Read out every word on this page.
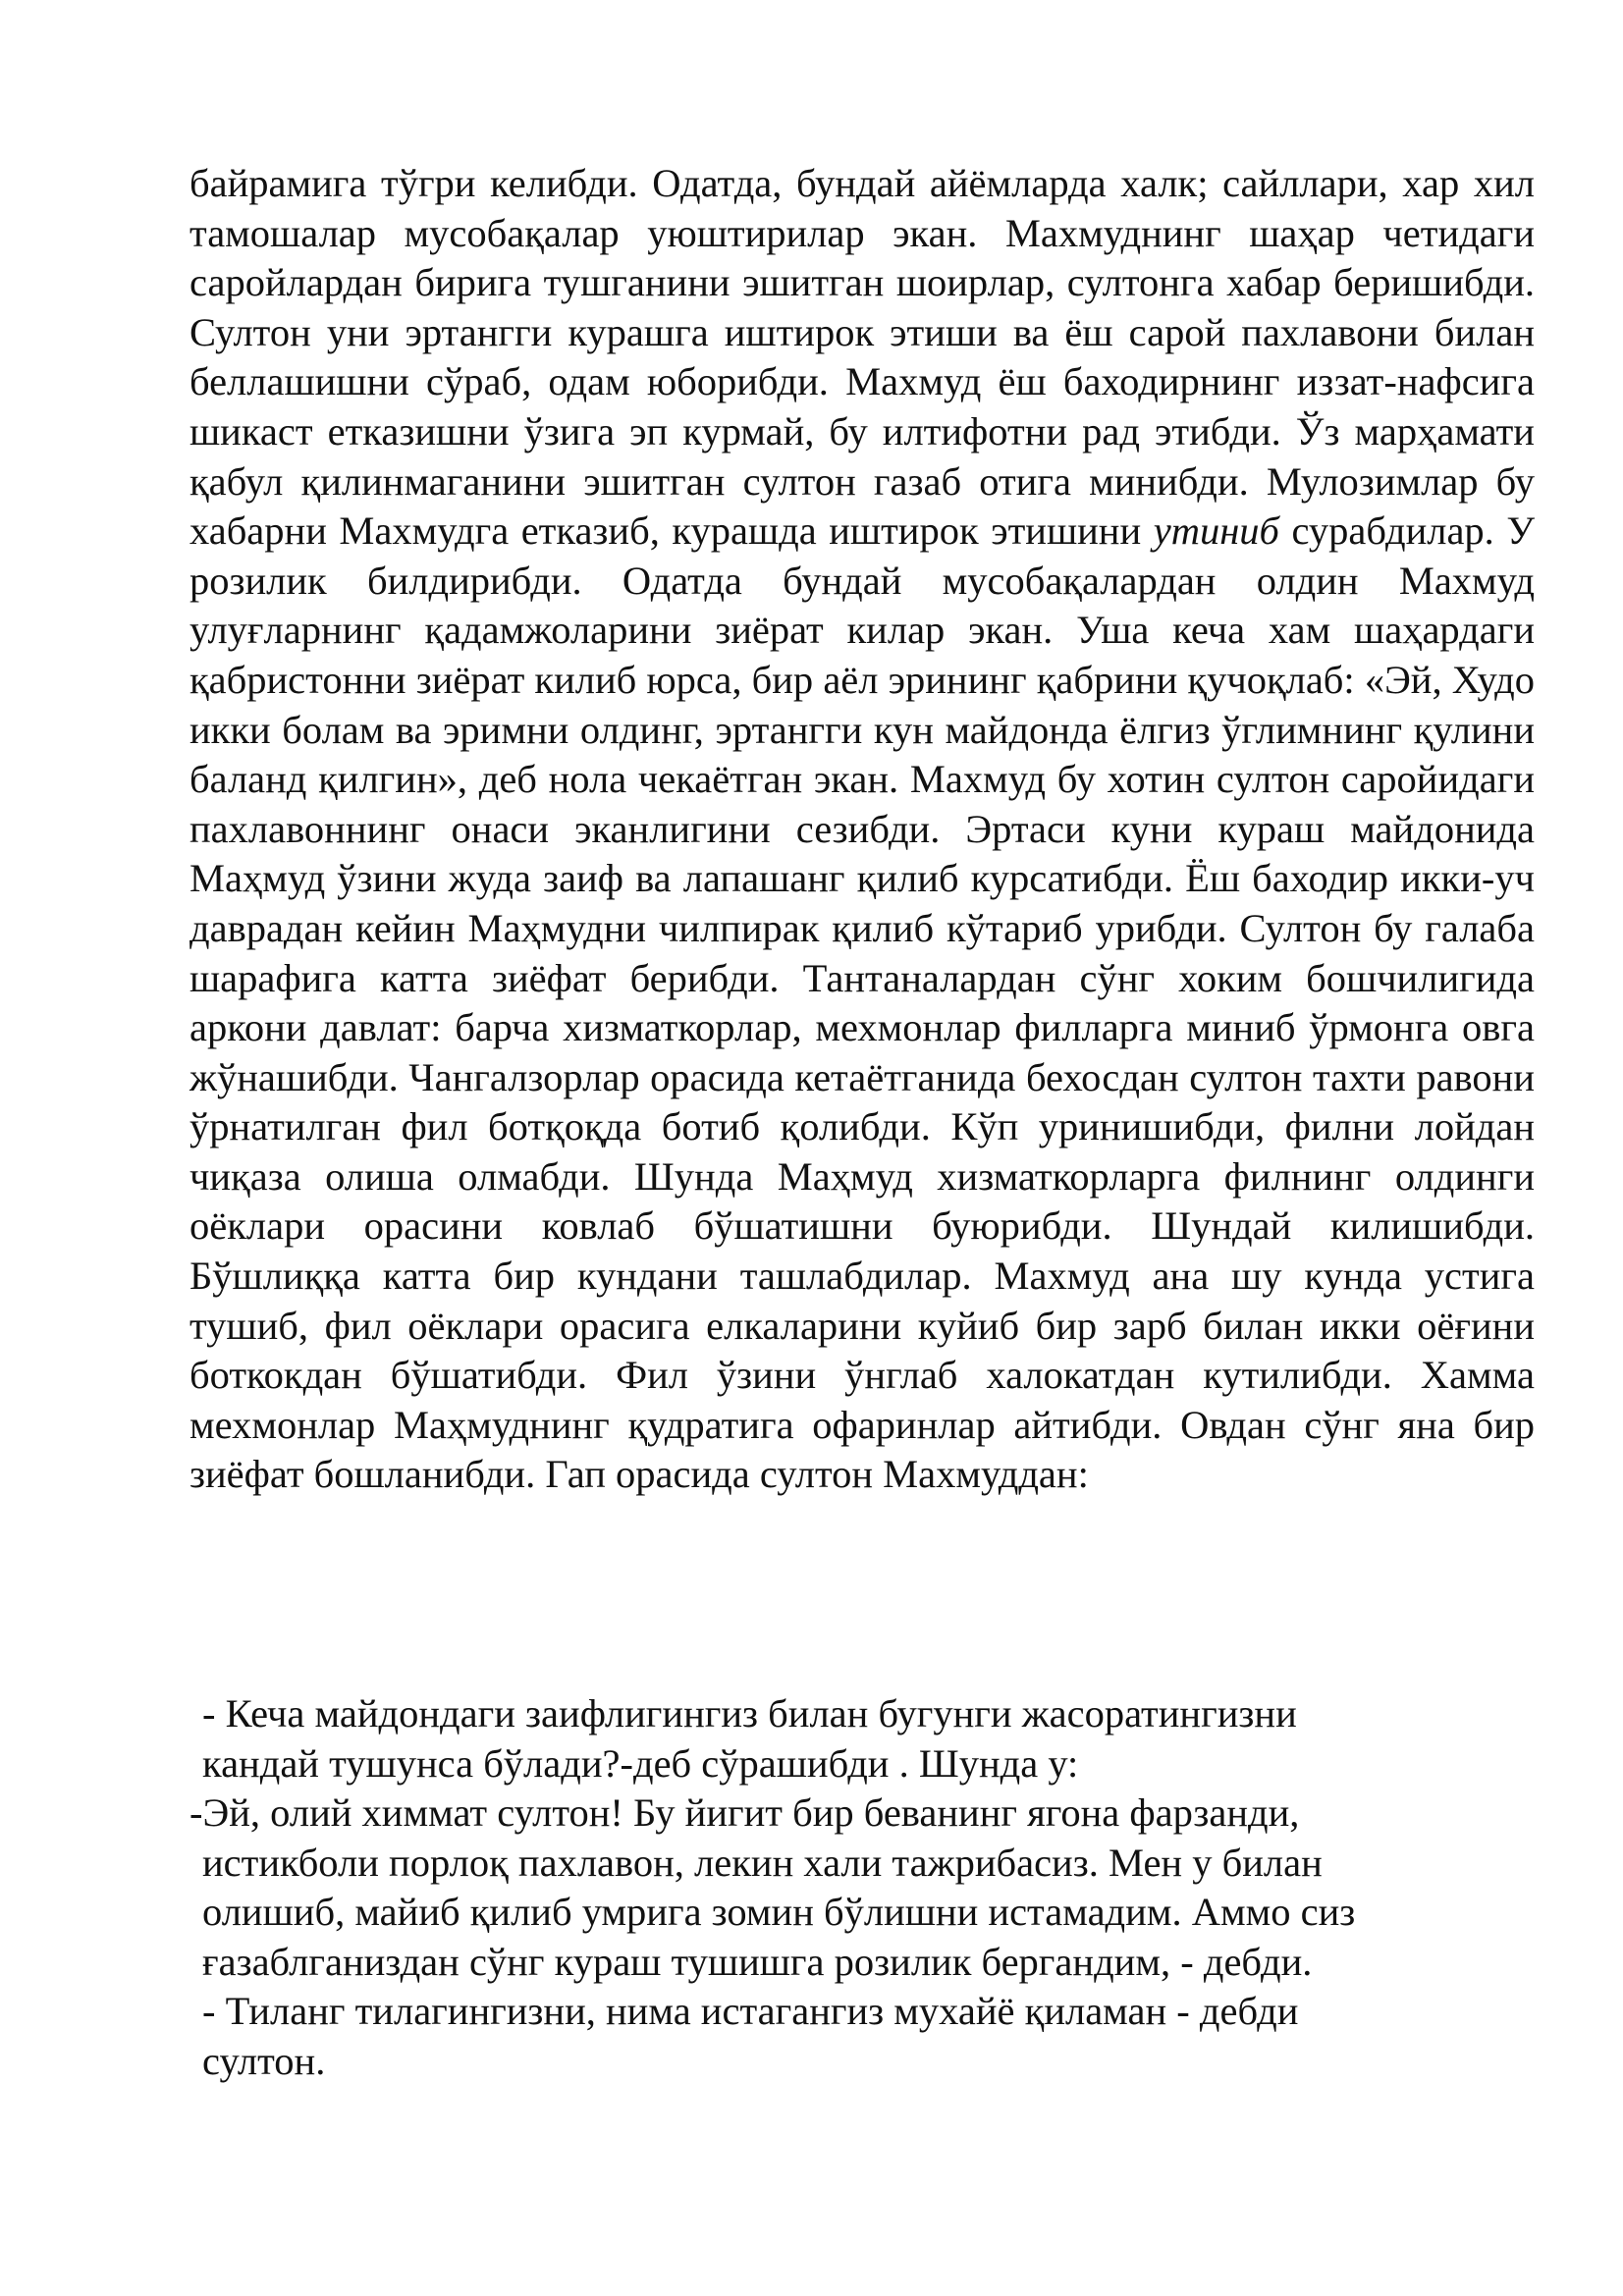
байрамига тўгри келибди. Одатда, бундай айёмларда халк; сайллари, хар хил тамошалар мусобақалар уюштирилар экан. Махмуднинг шаҳар четидаги саройлардан бирига тушганини эшитган шоирлар, султонга хабар беришибди. Султон уни эртангги курашга иштирок этиши ва ёш сарой пахлавони билан беллашишни сўраб, одам юборибди. Махмуд ёш баходирнинг иззат-нафсига шикаст етказишни ўзига эп курмай, бу илтифотни рад этибди. Ўз марҳамати қабул қилинмаганини эшитган султон газаб отига минибди. Мулозимлар бу хабарни Махмудга етказиб, курашда иштирок этишини утиниб сурабдилар. У розилик билдирибди. Одатда бундай мусобақалардан олдин Махмуд улуғларнинг қадамжоларини зиёрат килар экан. Уша кеча хам шаҳардаги қабристонни зиёрат килиб юрса, бир аёл эрининг қабрини қучоқлаб: «Эй, Худо икки болам ва эримни олдинг, эртангги кун майдонда ёлгиз ўглимнинг қулини баланд қилгин», деб нола чекаётган экан. Махмуд бу хотин султон саройидаги пахлавоннинг онаси эканлигини сезибди. Эртаси куни кураш майдонида Маҳмуд ўзини жуда заиф ва лапашанг қилиб курсатибди. Ёш баходир икки-уч даврадан кейин Маҳмудни чилпирак қилиб кўтариб урибди. Султон бу галаба шарафига катта зиёфат берибди. Тантаналардан сўнг хоким бошчилигида аркони давлат: барча хизматкорлар, мехмонлар филларга миниб ўрмонга овга жўнашибди. Чангалзорлар орасида кетаётганида бехосдан султон тахти равони ўрнатилган фил ботқоқда ботиб қолибди. Кўп уринишибди, филни лойдан чиқаза олиша олмабди. Шунда Маҳмуд хизматкорларга филнинг олдинги оёклари орасини ковлаб бўшатишни буюрибди. Шундай килишибди. Бўшлиққа катта бир кундани ташлабдилар. Махмуд ана шу кунда устига тушиб, фил оёклари орасига елкаларини куйиб бир зарб билан икки оёғини боткокдан бўшатибди. Фил ўзини ўнглаб халокатдан кутилибди. Хамма мехмонлар Маҳмуднинг қудратига офаринлар айтибди. Овдан сўнг яна бир зиёфат бошланибди. Гап орасида султон Махмуддан:

- Кеча майдондаги заифлигингиз билан бугунги жасоратингизни
кандай тушунса бўлади?-деб сўрашибди . Шунда у:
-Эй, олий химмат султон! Бу йигит бир беванинг ягона фарзанди,
истикболи порлоқ пахлавон, лекин хали тажрибасиз. Мен у билан
олишиб, майиб қилиб умрига зомин бўлишни истамадим. Аммо сиз
ғазаблганиздан сўнг кураш тушишга розилик бергандим, - дебди.
- Тиланг тилагингизни, нима истагангиз мухайё қиламан - дебди
султон.
